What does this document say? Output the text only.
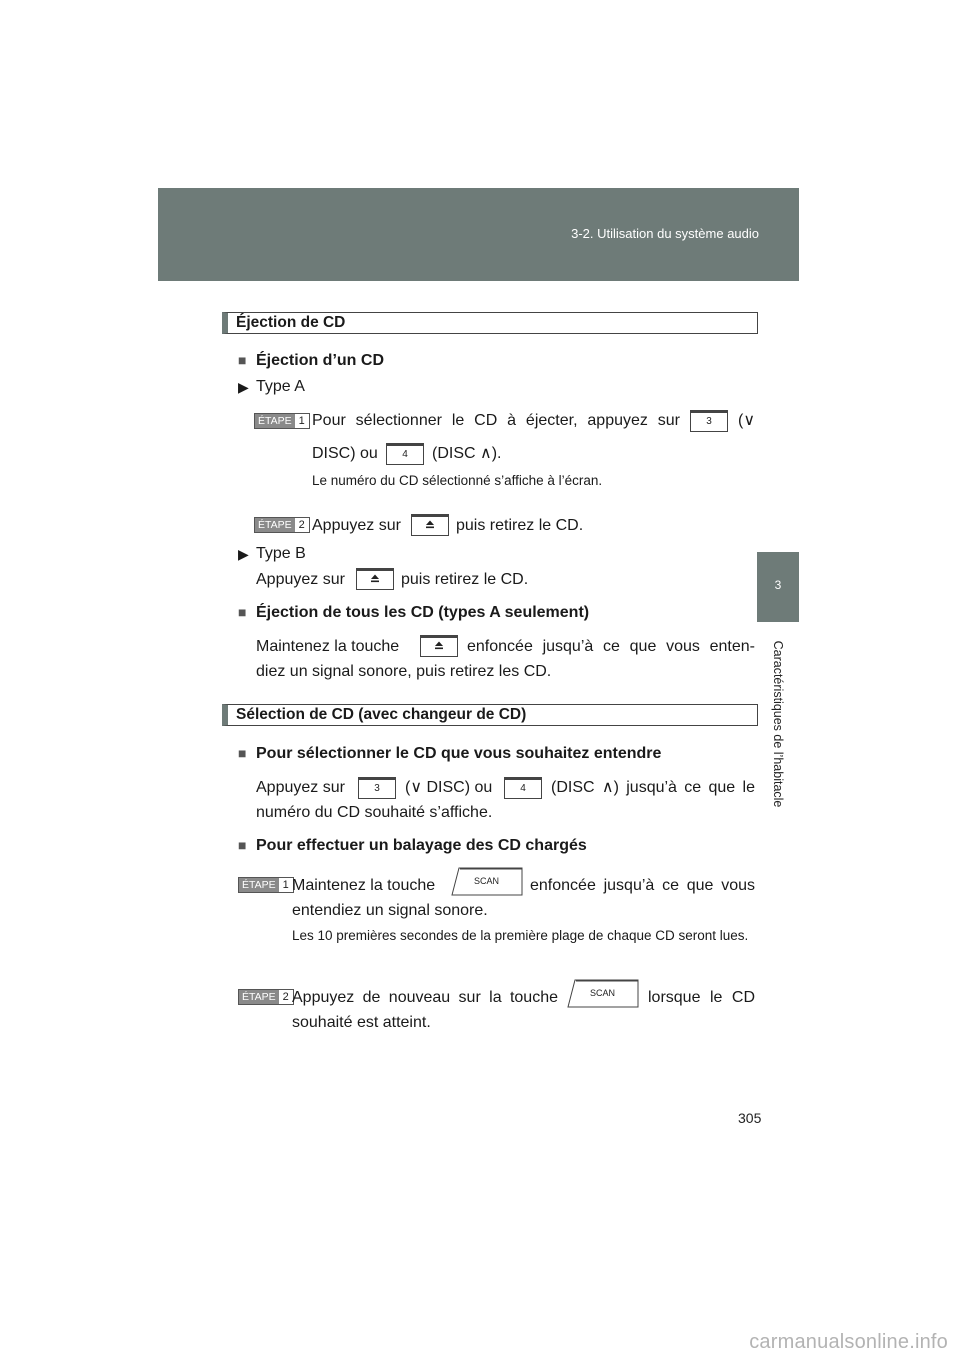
3-2. Utilisation du système audio
3
Caractéristiques de l’habitacle
Éjection de CD
■ Éjection d’un CD
▶ Type A
ÉTAPE 1 Pour sélectionner le CD à éjecter, appuyez sur	3	(∨
DISC) ou	4	(DISC ∧).
Le numéro du CD sélectionné s’affiche à l’écran.
ÉTAPE 2 Appuyez sur	puis retirez le CD.
▶ Type B
Appuyez sur	puis retirez le CD.
■ Éjection de tous les CD (types A seulement)
Maintenez la touche	enfoncée jusqu’à ce que vous enten-
diez un signal sonore, puis retirez les CD.
Sélection de CD (avec changeur de CD)
■ Pour sélectionner le CD que vous souhaitez entendre
Appuyez sur	3	(∨ DISC) ou	4	(DISC ∧) jusqu’à ce que le
numéro du CD souhaité s’affiche.
■ Pour effectuer un balayage des CD chargés
ÉTAPE 1 Maintenez la touche	SCAN enfoncée jusqu’à ce que vous
entendiez un signal sonore.
Les 10 premières secondes de la première plage de chaque CD seront lues.
ÉTAPE 2 Appuyez de nouveau sur la touche	SCAN lorsque le CD
souhaité est atteint.
305
carmanualsonline.info
